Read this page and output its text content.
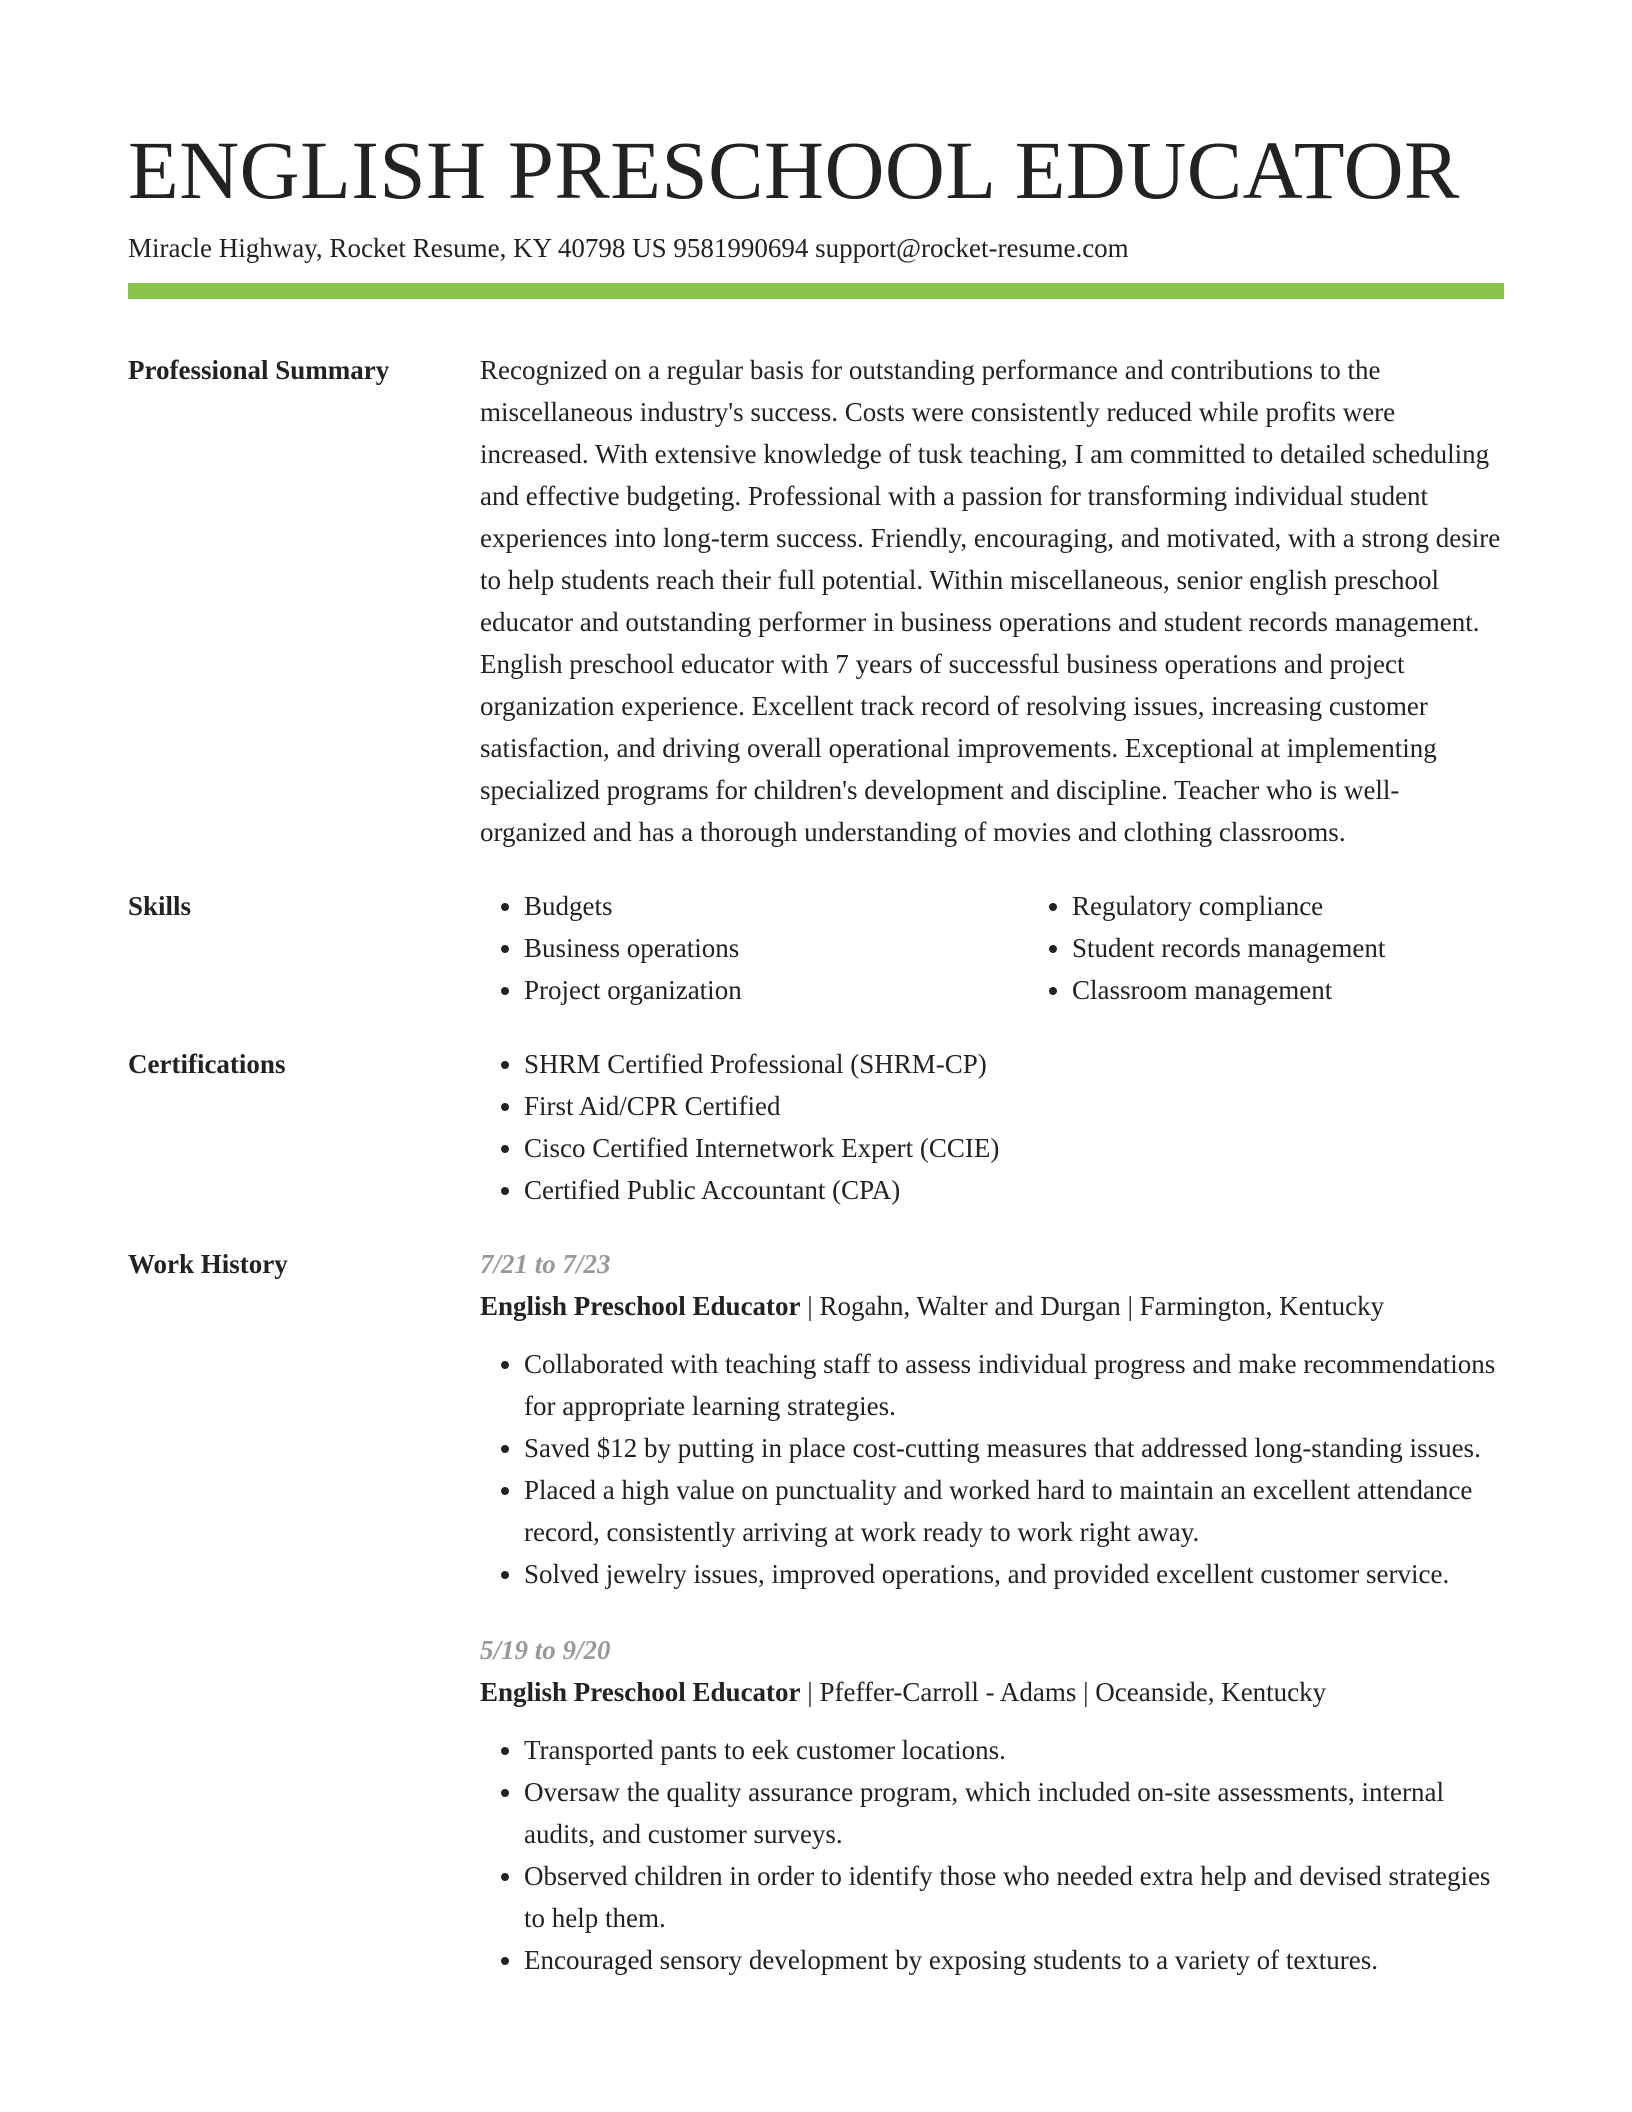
ENGLISH PRESCHOOL EDUCATOR
Miracle Highway, Rocket Resume, KY 40798 US 9581990694 support@rocket-resume.com
Professional Summary	Recognized on a regular basis for outstanding performance and contributions to the miscellaneous industry's success. Costs were consistently reduced while profits were increased. With extensive knowledge of tusk teaching, I am committed to detailed scheduling and effective budgeting. Professional with a passion for transforming individual student experiences into long-term success. Friendly, encouraging, and motivated, with a strong desire to help students reach their full potential. Within miscellaneous, senior english preschool educator and outstanding performer in business operations and student records management. English preschool educator with 7 years of successful business operations and project organization experience. Excellent track record of resolving issues, increasing customer satisfaction, and driving overall operational improvements. Exceptional at implementing specialized programs for children's development and discipline. Teacher who is well-organized and has a thorough understanding of movies and clothing classrooms.
Skills	• Budgets
• Business operations
• Project organization
• Regulatory compliance
• Student records management
• Classroom management
Certifications	• SHRM Certified Professional (SHRM-CP)
• First Aid/CPR Certified
• Cisco Certified Internetwork Expert (CCIE)
• Certified Public Accountant (CPA)
Work History	7/21 to 7/23
English Preschool Educator | Rogahn, Walter and Durgan | Farmington, Kentucky
• Collaborated with teaching staff to assess individual progress and make recommendations for appropriate learning strategies.
• Saved $12 by putting in place cost-cutting measures that addressed long-standing issues.
• Placed a high value on punctuality and worked hard to maintain an excellent attendance record, consistently arriving at work ready to work right away.
• Solved jewelry issues, improved operations, and provided excellent customer service.
5/19 to 9/20
English Preschool Educator | Pfeffer-Carroll - Adams | Oceanside, Kentucky
• Transported pants to eek customer locations.
• Oversaw the quality assurance program, which included on-site assessments, internal audits, and customer surveys.
• Observed children in order to identify those who needed extra help and devised strategies to help them.
• Encouraged sensory development by exposing students to a variety of textures.
